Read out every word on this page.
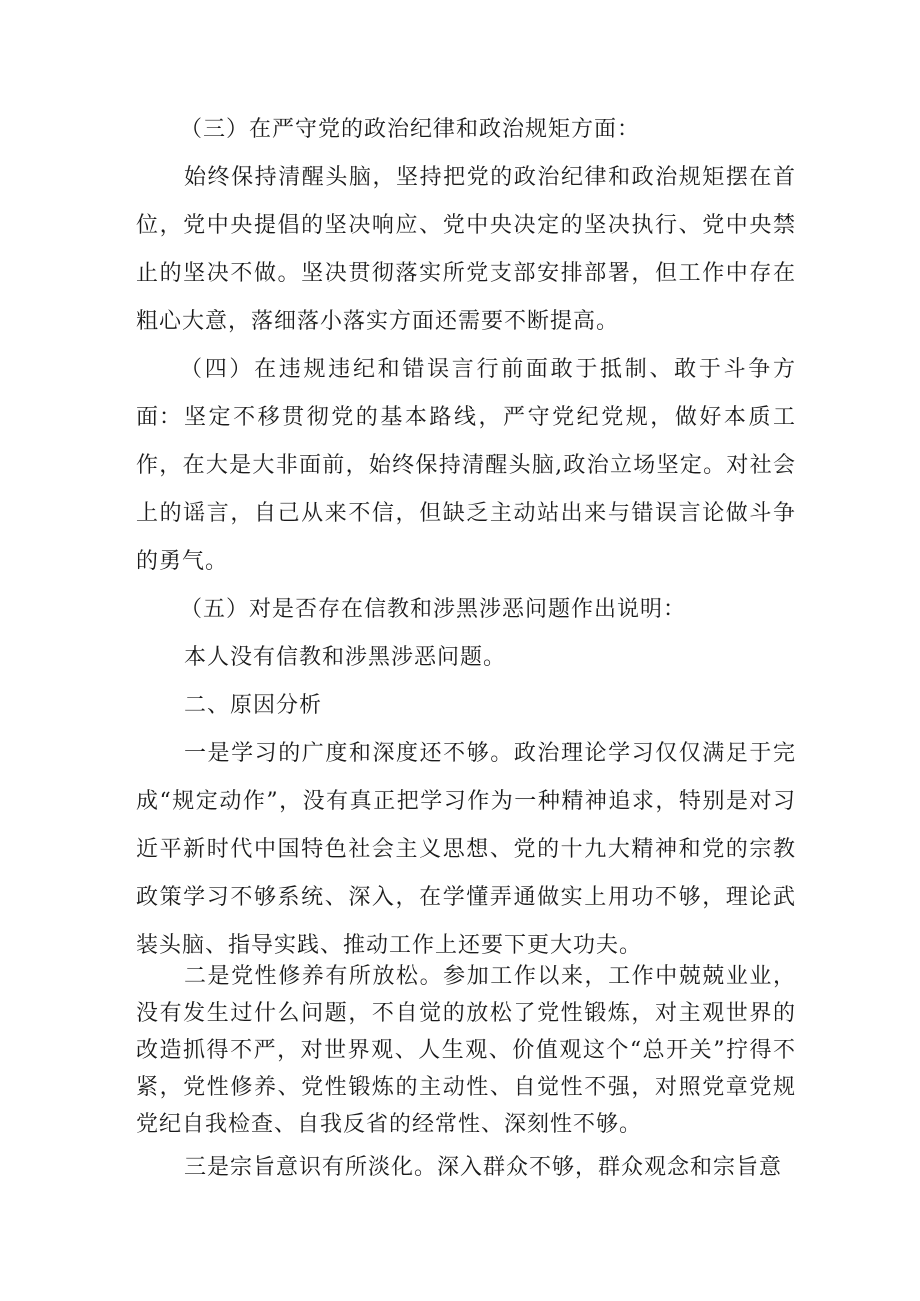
（三）在严守党的政治纪律和政治规矩方面：

始终保持清醒头脑，坚持把党的政治纪律和政治规矩摆在首位，党中央提倡的坚决响应、党中央决定的坚决执行、党中央禁止的坚决不做。坚决贯彻落实所党支部安排部署，但工作中存在粗心大意，落细落小落实方面还需要不断提高。

（四）在违规违纪和错误言行前面敢于抵制、敢于斗争方面： 坚定不移贯彻党的基本路线，严守党纪党规，做好本质工作，在大是大非面前，始终保持清醒头脑,政治立场坚定。对社会上的谣言，自己从来不信，但缺乏主动站出来与错误言论做斗争的勇气。

（五）对是否存在信教和涉黑涉恶问题作出说明：

本人没有信教和涉黑涉恶问题。

二、原因分析

一是学习的广度和深度还不够。政治理论学习仅仅满足于完成“规定动作”，没有真正把学习作为一种精神追求，特别是对习近平新时代中国特色社会主义思想、党的十九大精神和党的宗教政策学习不够系统、深入，在学懂弄通做实上用功不够，理论武装头脑、指导实践、推动工作上还要下更大功夫。

二是党性修养有所放松。参加工作以来，工作中兢兢业业，没有发生过什么问题，不自觉的放松了党性锻炼，对主观世界的改造抓得不严，对世界观、人生观、价值观这个“总开关”拧得不紧，党性修养、党性锻炼的主动性、自觉性不强，对照党章党规党纪自我检查、自我反省的经常性、深刻性不够。

三是宗旨意识有所淡化。深入群众不够，群众观念和宗旨意
